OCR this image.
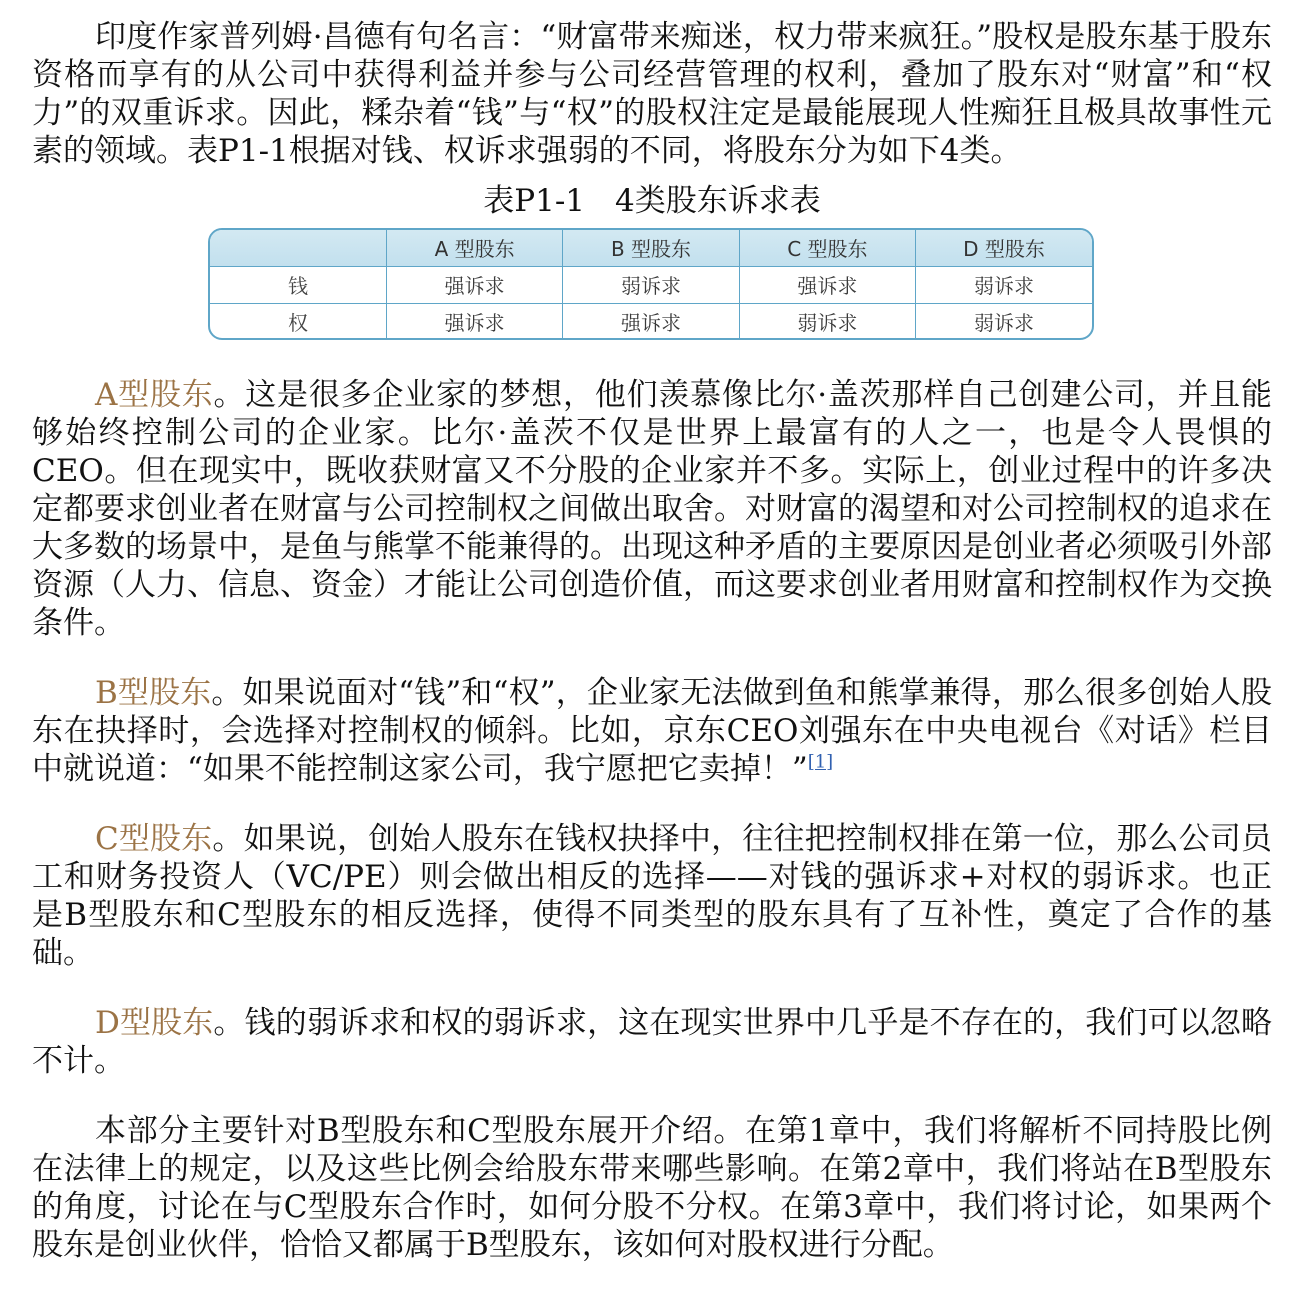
印度作家普列姆·昌德有句名言：“财富带来痴迷，权力带来疯狂。”股权是股东基于股东资格而享有的从公司中获得利益并参与公司经营管理的权利，叠加了股东对“财富”和“权力”的双重诉求。因此，糅杂着“钱”与“权”的股权注定是最能展现人性痴狂且极具故事性元素的领域。表P1-1根据对钱、权诉求强弱的不同，将股东分为如下4类。

表P1-1 4类股东诉求表
	A 型股东	B 型股东	C 型股东	D 型股东
钱	强诉求	弱诉求	强诉求	弱诉求
权	强诉求	强诉求	弱诉求	弱诉求

A型股东。这是很多企业家的梦想，他们羡慕像比尔·盖茨那样自己创建公司，并且能够始终控制公司的企业家。比尔·盖茨不仅是世界上最富有的人之一，也是令人畏惧的CEO。但在现实中，既收获财富又不分股的企业家并不多。实际上，创业过程中的许多决定都要求创业者在财富与公司控制权之间做出取舍。对财富的渴望和对公司控制权的追求在大多数的场景中，是鱼与熊掌不能兼得的。出现这种矛盾的主要原因是创业者必须吸引外部资源（人力、信息、资金）才能让公司创造价值，而这要求创业者用财富和控制权作为交换条件。

B型股东。如果说面对“钱”和“权”，企业家无法做到鱼和熊掌兼得，那么很多创始人股东在抉择时，会选择对控制权的倾斜。比如，京东CEO刘强东在中央电视台《对话》栏目中就说道：“如果不能控制这家公司，我宁愿把它卖掉！”[1]

C型股东。如果说，创始人股东在钱权抉择中，往往把控制权排在第一位，那么公司员工和财务投资人（VC/PE）则会做出相反的选择——对钱的强诉求+对权的弱诉求。也正是B型股东和C型股东的相反选择，使得不同类型的股东具有了互补性，奠定了合作的基础。

D型股东。钱的弱诉求和权的弱诉求，这在现实世界中几乎是不存在的，我们可以忽略不计。

本部分主要针对B型股东和C型股东展开介绍。在第1章中，我们将解析不同持股比例在法律上的规定，以及这些比例会给股东带来哪些影响。在第2章中，我们将站在B型股东的角度，讨论在与C型股东合作时，如何分股不分权。在第3章中，我们将讨论，如果两个股东是创业伙伴，恰恰又都属于B型股东，该如何对股权进行分配。
